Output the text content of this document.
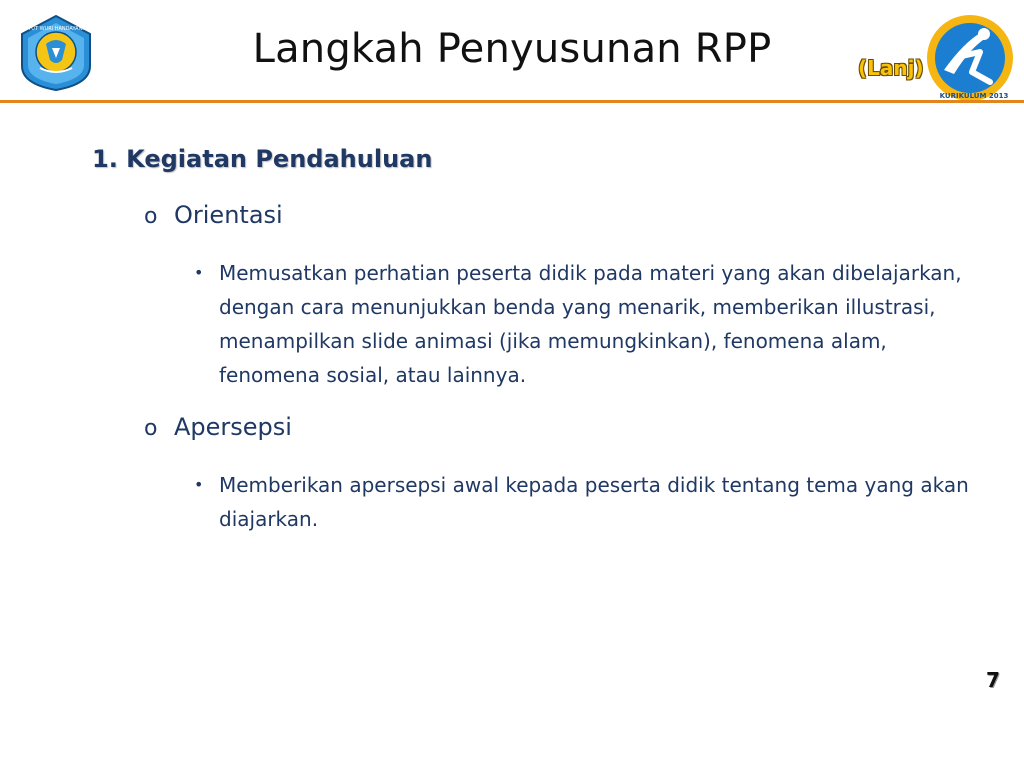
TUT WURI HANDAYANI	Langkah Penyusunan RPP	(Lanj)
KURIKULUM 2013
1. Kegiatan Pendahuluan
o Orientasi
• Memusatkan perhatian peserta didik pada materi yang akan dibelajarkan, dengan cara menunjukkan benda yang menarik, memberikan illustrasi, menampilkan slide animasi (jika memungkinkan), fenomena alam, fenomena sosial, atau lainnya.
o Apersepsi
• Memberikan apersepsi awal kepada peserta didik tentang tema yang akan diajarkan.
7
